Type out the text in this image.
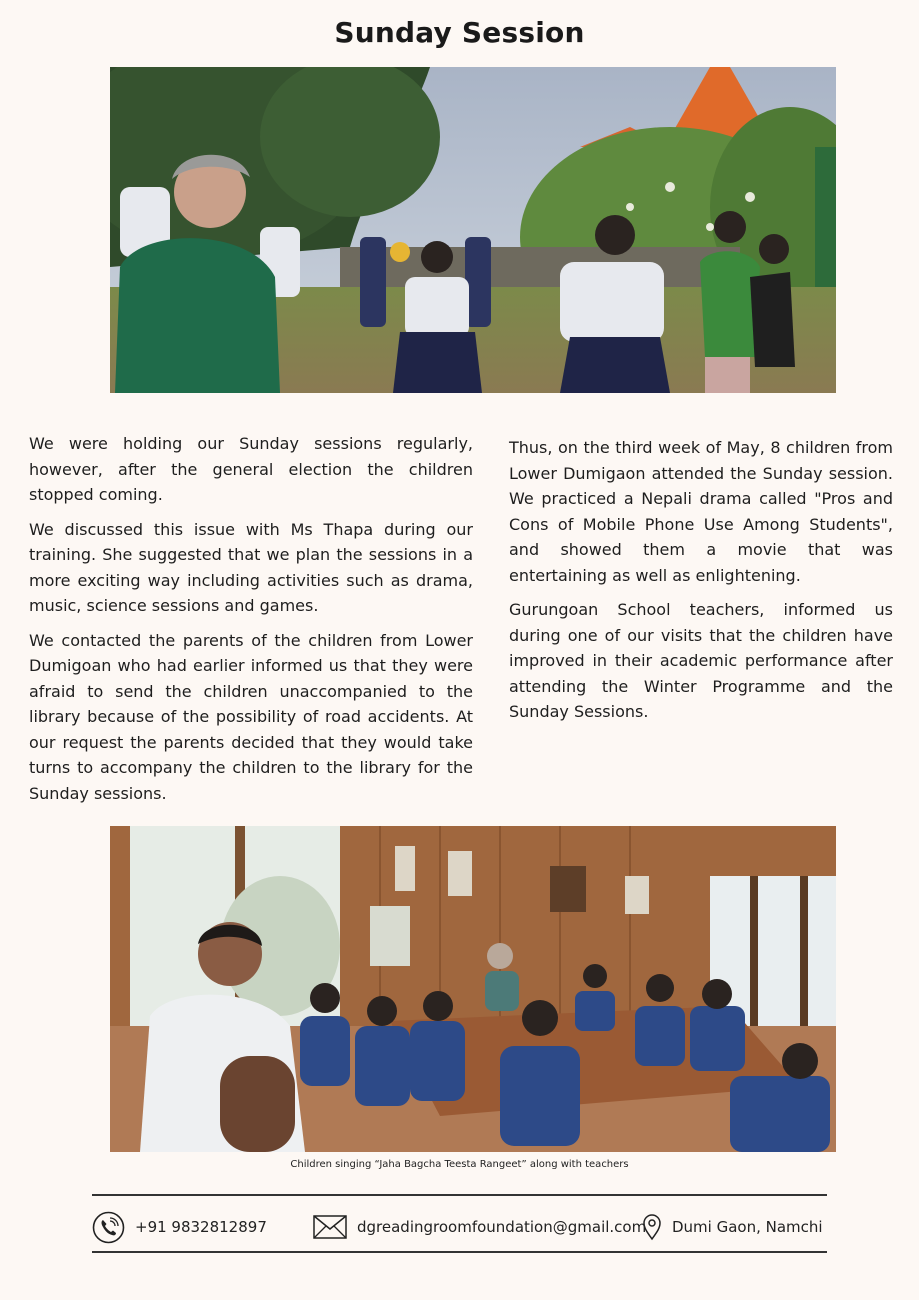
Sunday Session

We were holding our Sunday sessions regularly, however, after the general election the children stopped coming.

We discussed this issue with Ms Thapa during our training. She suggested that we plan the sessions in a more exciting way including activities such as drama, music, science sessions and games.

We contacted the parents of the children from Lower Dumigoan who had earlier informed us that they were afraid to send the children unaccompanied to the library because of the possibility of road accidents. At our request the parents decided that they would take turns to accompany the children to the library for the Sunday sessions.

Thus, on the third week of May, 8 children from Lower Dumigaon attended the Sunday session. We practiced a Nepali drama called "Pros and Cons of Mobile Phone Use Among Students", and showed them a movie that was entertaining as well as enlightening.

Gurungoan School teachers, informed us during one of our visits that the children have improved in their academic performance after attending the Winter Programme and the Sunday Sessions.

Children singing “Jaha Bagcha Teesta Rangeet” along with teachers
+91 9832812897	dgreadingroomfoundation@gmail.com Dumi Gaon, Namchi
